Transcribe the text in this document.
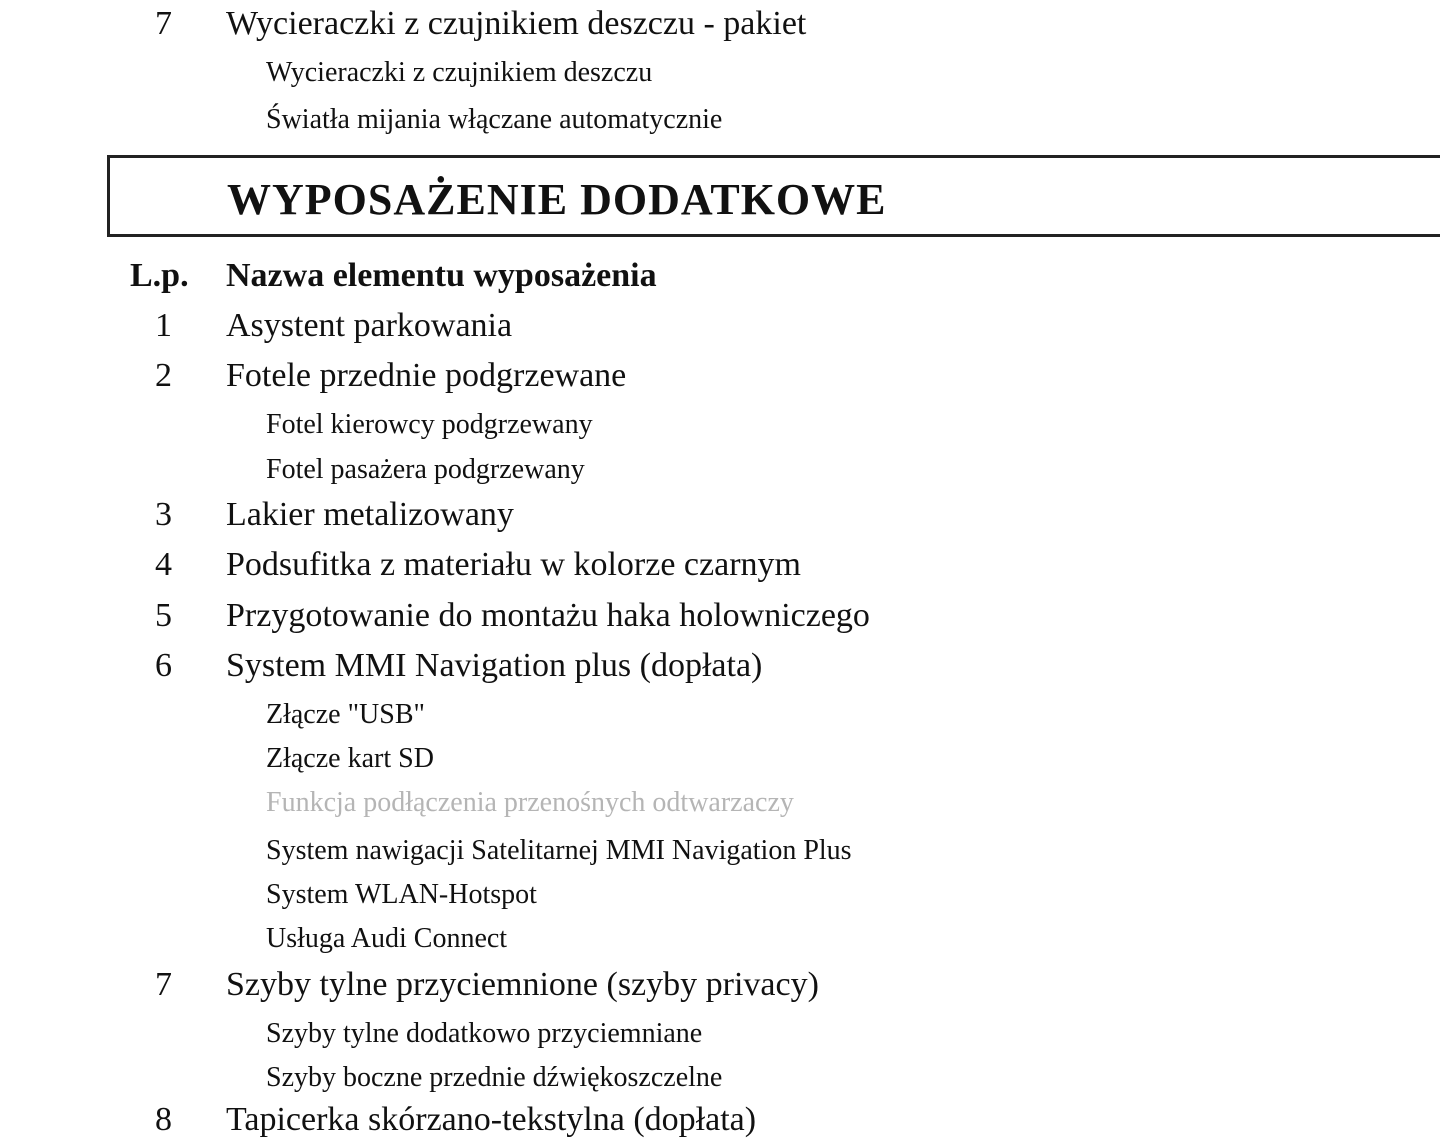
7 Wycieraczki z czujnikiem deszczu - pakiet
Wycieraczki z czujnikiem deszczu
Światła mijania włączane automatycznie
WYPOSAŻENIE DODATKOWE
L.p. Nazwa elementu wyposażenia
1 Asystent parkowania
2 Fotele przednie podgrzewane
Fotel kierowcy podgrzewany
Fotel pasażera podgrzewany
3 Lakier metalizowany
4 Podsufitka z materiału w kolorze czarnym
5 Przygotowanie do montażu haka holowniczego
6 System MMI Navigation plus (dopłata)
Złącze "USB"
Złącze kart SD
Funkcja podłączenia przenośnych odtwarzaczy
System nawigacji Satelitarnej MMI Navigation Plus
System WLAN-Hotspot
Usługa Audi Connect
7 Szyby tylne przyciemnione (szyby privacy)
Szyby tylne dodatkowo przyciemniane
Szyby boczne przednie dźwiękoszczelne
8 Tapicerka skórzano-tekstylna (dopłata)
